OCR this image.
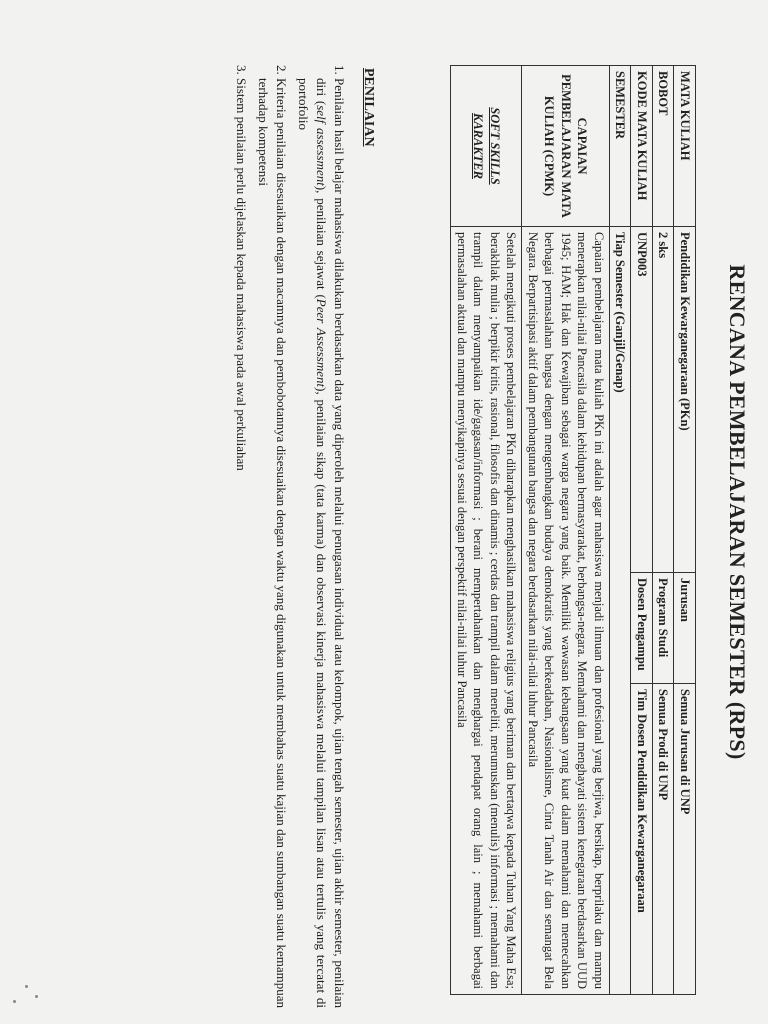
RENCANA PEMBELAJARAN SEMESTER (RPS)
MATA KULIAH	Pendidikan Kewarganegaraan (PKn)	Jurusan	Semua Jurusan di UNP
BOBOT	2 sks	Program Studi	Semua Prodi di UNP
KODE MATA KULIAH	UNP003	Dosen Pengampu	Tim Dosen Pendidikan Kewarganegaraan
SEMESTER	Tiap Semester (Ganjil/Genap)		
CAPAIAN PEMBELAJARAN MATA KULIAH (CPMK)	Capaian pembelajaran mata kuliah PKn ini adalah agar mahasiswa menjadi ilmuan dan profesional yang berjiwa, bersikap, berprilaku dan mampu menerapkan nilai-nilai Pancasila dalam kehidupan bermasyarakat, berbangsa-negara. Memahami dan menghayati sistem kenegaraan berdasarkan UUD 1945; HAM; Hak dan Kewajiban sebagai warga negara yang baik. Memiliki wawasan kebangsaan yang kuat dalam memahami dan memecahkan berbagai permasalahan bangsa dengan mengembangkan budaya demokratis yang berkeadaban, Nasionalisme, Cinta Tanah Air dan semangat Bela Negara. Berpartisipasi aktif dalam pembangunan bangsa dan negara berdasarkan nilai-nilai luhur Pancasila		

SOFT SKILLS
KARAKTER	Setelah mengikuti proses pembelajaran PKn diharapkan menghasilkan mahasiswa religius yang beriman dan bertaqwa kepada Tuhan Yang Maha Esa; berakhlak mulia ; berpikir kritis, rasional, filosofis dan dinamis ; cerdas dan trampil dalam meneliti, merumuskan (menulis) informasi ; memahami dan trampil dalam menyampaikan ide/gagasan/informasi ; berani mempertahankan dan menghargai pendapat orang lain ; memahami berbagai permasalahan aktual dan mampu menyikapinya sesuai dengan perspektif nilai-nilai luhur Pancasila		
PENILAIAN
1. Penilaian hasil belajar mahasiswa dilakukan berdasarkan data yang diperoleh melalui penugasan individual atau kelompok, ujian tengah semester, ujian akhir semester, penilaian diri (self assessment), penilaian sejawat (Peer Assessment), penilaian sikap (tata karma) dan observasi kinerja mahasiswa melalui tampilan lisan atau tertulis yang tercatat di portofolio
2. Kriteria penilaian disesuaikan dengan macamnya dan pembobotannya disesuaikan dengan waktu yang digunakan untuk membahas suatu kajian dan sumbangan suatu kemampuan terhadap kompetensi
3. Sistem penilaian perlu dijelaskan kepada mahasiswa pada awal perkuliahan
